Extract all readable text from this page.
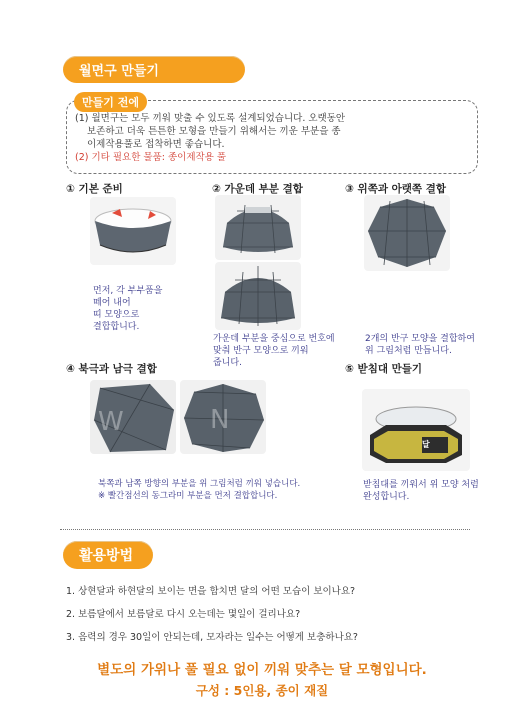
월면구 만들기
만들기 전에
(1) 월면구는 모두 끼워 맞출 수 있도록 설계되었습니다. 오랫동안
보존하고 더욱 튼튼한 모형을 만들기 위해서는 끼운 부분을 종
이제작용풀로 접착하면 좋습니다.
(2) 기타 필요한 물품: 종이제작용 풀
① 기본 준비
먼저, 각 부부품을
떼어 내어
띠 모양으로
결합합니다.
② 가운데 부분 결합
가운데 부분을 중심으로 번호에
맞춰 반구 모양으로 끼워
줍니다.
③ 위쪽과 아랫쪽 결합
2개의 반구 모양을 결합하여
위 그림처럼 만듭니다.
④ 북극과 남극 결합
W	N
북쪽과 남쪽 방향의 부분을 위 그림처럼 끼워 넣습니다.
※ 빨간점선의 동그라미 부분을 먼저 결합합니다.
⑤ 받침대 만들기
달
받침대를 끼워서 위 모양 처럼
완성합니다.
활용방법
1. 상현달과 하현달의 보이는 면을 합치면 달의 어떤 모습이 보이나요?
2. 보름달에서 보름달로 다시 오는데는 몇일이 걸리나요?
3. 음력의 경우 30일이 안되는데, 모자라는 일수는 어떻게 보충하나요?
별도의 가위나 풀 필요 없이 끼워 맞추는 달 모형입니다.
구성 : 5인용, 종이 재질
